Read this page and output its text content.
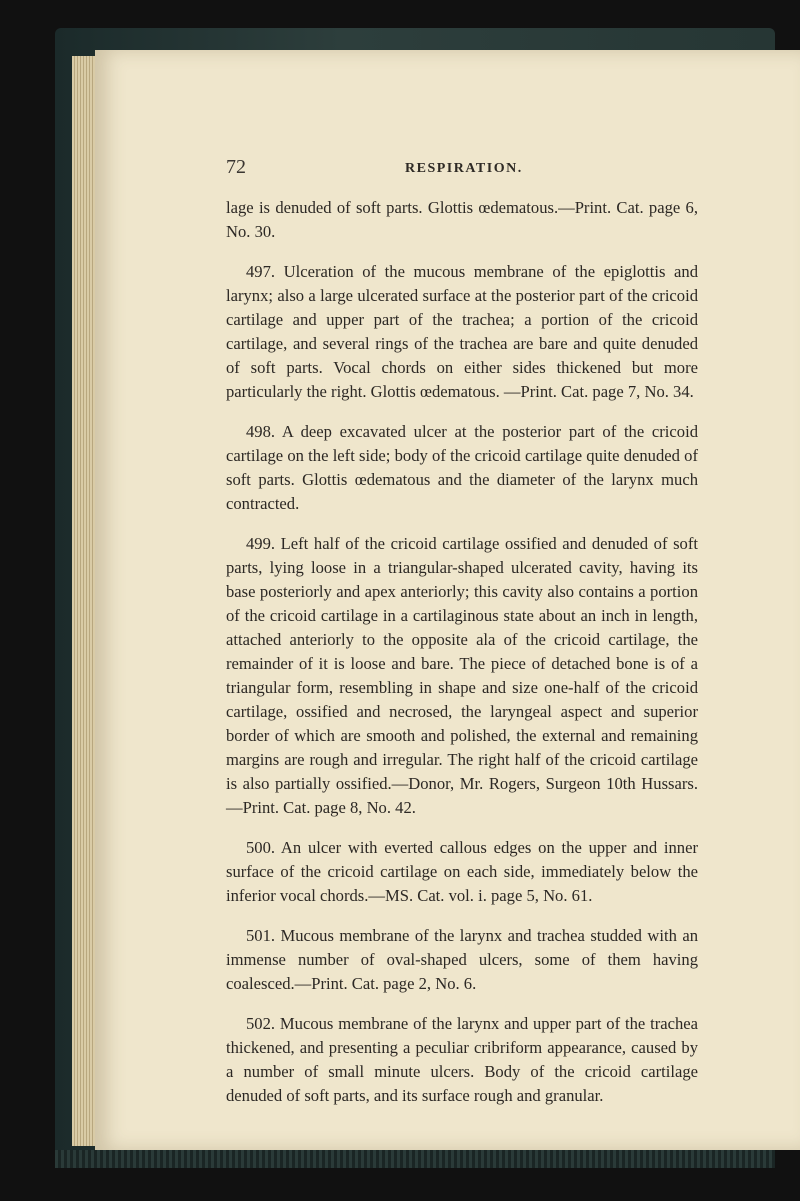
72	RESPIRATION.

lage is denuded of soft parts. Glottis œdematous.—Print. Cat. page 6, No. 30.

497. Ulceration of the mucous membrane of the epiglottis and larynx; also a large ulcerated surface at the posterior part of the cricoid cartilage and upper part of the trachea; a portion of the cricoid cartilage, and several rings of the trachea are bare and quite denuded of soft parts. Vocal chords on either sides thickened but more particularly the right. Glottis œdematous. —Print. Cat. page 7, No. 34.

498. A deep excavated ulcer at the posterior part of the cricoid cartilage on the left side; body of the cricoid cartilage quite denuded of soft parts. Glottis œdematous and the diameter of the larynx much contracted.

499. Left half of the cricoid cartilage ossified and denuded of soft parts, lying loose in a triangular-shaped ulcerated cavity, having its base posteriorly and apex anteriorly; this cavity also contains a portion of the cricoid cartilage in a cartilaginous state about an inch in length, attached anteriorly to the opposite ala of the cricoid cartilage, the remainder of it is loose and bare. The piece of detached bone is of a triangular form, resembling in shape and size one-half of the cricoid cartilage, ossified and necrosed, the laryngeal aspect and superior border of which are smooth and polished, the external and remaining margins are rough and irregular. The right half of the cricoid cartilage is also partially ossified.—Donor, Mr. Rogers, Surgeon 10th Hussars.—Print. Cat. page 8, No. 42.

500. An ulcer with everted callous edges on the upper and inner surface of the cricoid cartilage on each side, immediately below the inferior vocal chords.—MS. Cat. vol. i. page 5, No. 61.

501. Mucous membrane of the larynx and trachea studded with an immense number of oval-shaped ulcers, some of them having coalesced.—Print. Cat. page 2, No. 6.

502. Mucous membrane of the larynx and upper part of the trachea thickened, and presenting a peculiar cribriform appearance, caused by a number of small minute ulcers. Body of the cricoid cartilage denuded of soft parts, and its surface rough and granular.
